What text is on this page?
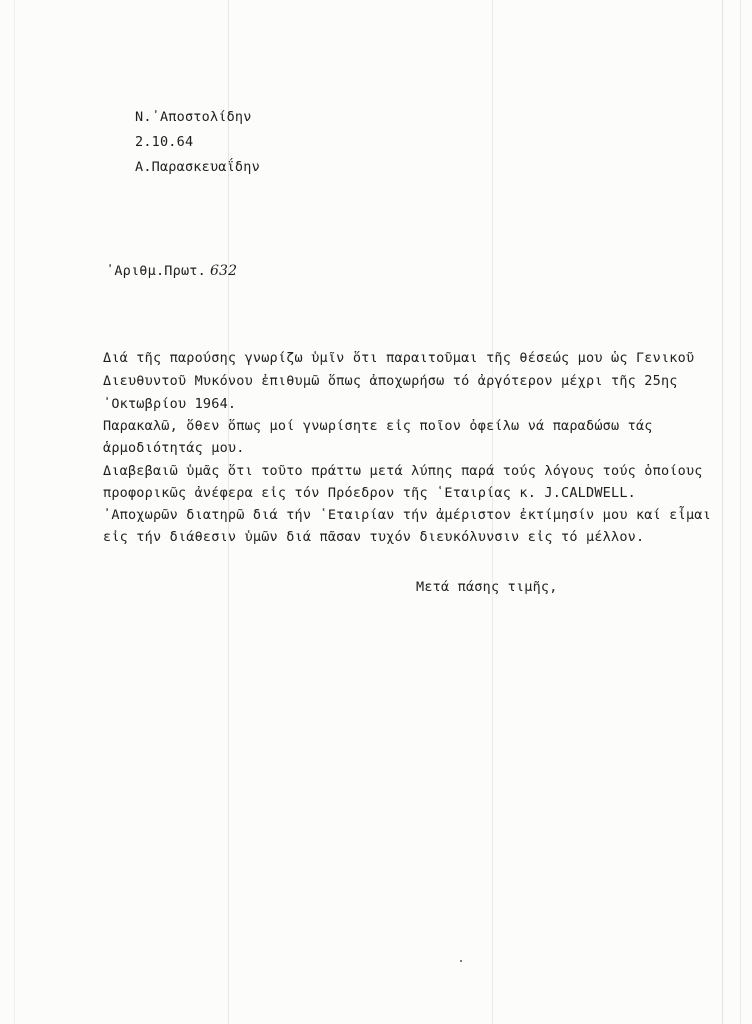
Ν.᾿Αποστολίδην
2.10.64
Α.Παρασκευαΐδην
᾿Αριθμ.Πρωτ. 632
Διά τῆς παρούσης γνωρίζω ὑμῖν ὅτι παραιτοῦμαι τῆς θέσεώς μου ὡς Γενικοῦ
Διευθυντοῦ Μυκόνου ἐπιθυμῶ ὅπως ἀποχωρήσω τό ἀργότερον μέχρι τῆς 25ης
᾿Οκτωβρίου 1964.
Παρακαλῶ, ὅθεν ὅπως μοί γνωρίσητε εἰς ποῖον ὀφείλω νά παραδώσω τάς
ἁρμοδιότητάς μου.
Διαβεβαιῶ ὑμᾶς ὅτι τοῦτο πράττω μετά λύπης παρά τούς λόγους τούς ὁποίους
προφορικῶς ἀνέφερα εἰς τόν Πρόεδρον τῆς ῾Εταιρίας κ. J.CALDWELL.
᾿Αποχωρῶν διατηρῶ διά τήν ῾Εταιρίαν τήν ἀμέριστον ἐκτίμησίν μου καί εἶμαι
εἰς τήν διάθεσιν ὑμῶν διά πᾶσαν τυχόν διευκόλυνσιν εἰς τό μέλλον.
Μετά πάσης τιμῆς,
